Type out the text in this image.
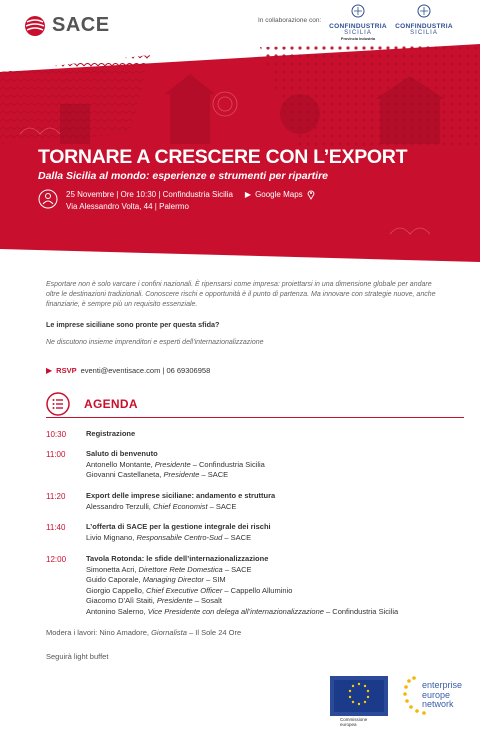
SACE	In collaborazione con:
CONFINDUSTRIA
SICILIA
Provincia Industria
CONFINDUSTRIA
SICILIA
TORNARE A CRESCERE CON L’EXPORT
Dalla Sicilia al mondo: esperienze e strumenti per ripartire
25 Novembre | Ore 10:30 | Confindustria Sicilia
Via Alessandro Volta, 44 | Palermo
▶ Google Maps
Esportare non è solo varcare i confini nazionali. È ripensarsi come impresa: proiettarsi in una dimensione globale per andare oltre le destinazioni tradizionali. Conoscere rischi e opportunità è il punto di partenza. Ma innovare con strategie nuove, anche finanziarie, è sempre più un requisito essenziale.
Le imprese siciliane sono pronte per questa sfida?
Ne discutono insieme imprenditori e esperti dell’internazionalizzazione
▶ RSVP eventi@eventisace.com | 06 69306958
AGENDA
10:30	Registrazione
11:00	Saluto di benvenuto
Antonello Montante, Presidente – Confindustria Sicilia
Giovanni Castellaneta, Presidente – SACE
11:20	Export delle imprese siciliane: andamento e struttura
Alessandro Terzulli, Chief Economist – SACE
11:40	L’offerta di SACE per la gestione integrale dei rischi
Livio Mignano, Responsabile Centro-Sud – SACE
12:00	Tavola Rotonda: le sfide dell’internazionalizzazione
Simonetta Acri, Direttore Rete Domestica – SACE
Guido Caporale, Managing Director – SIM
Giorgio Cappello, Chief Executive Officer – Cappello Alluminio
Giacomo D’Alì Staiti, Presidente – Sosalt
Antonino Salerno, Vice Presidente con delega all’internazionalizzazione – Confindustria Sicilia
Modera i lavori: Nino Amadore, Giornalista – Il Sole 24 Ore
Seguirà light buffet
Commissione europea
enterprise
europe
network
